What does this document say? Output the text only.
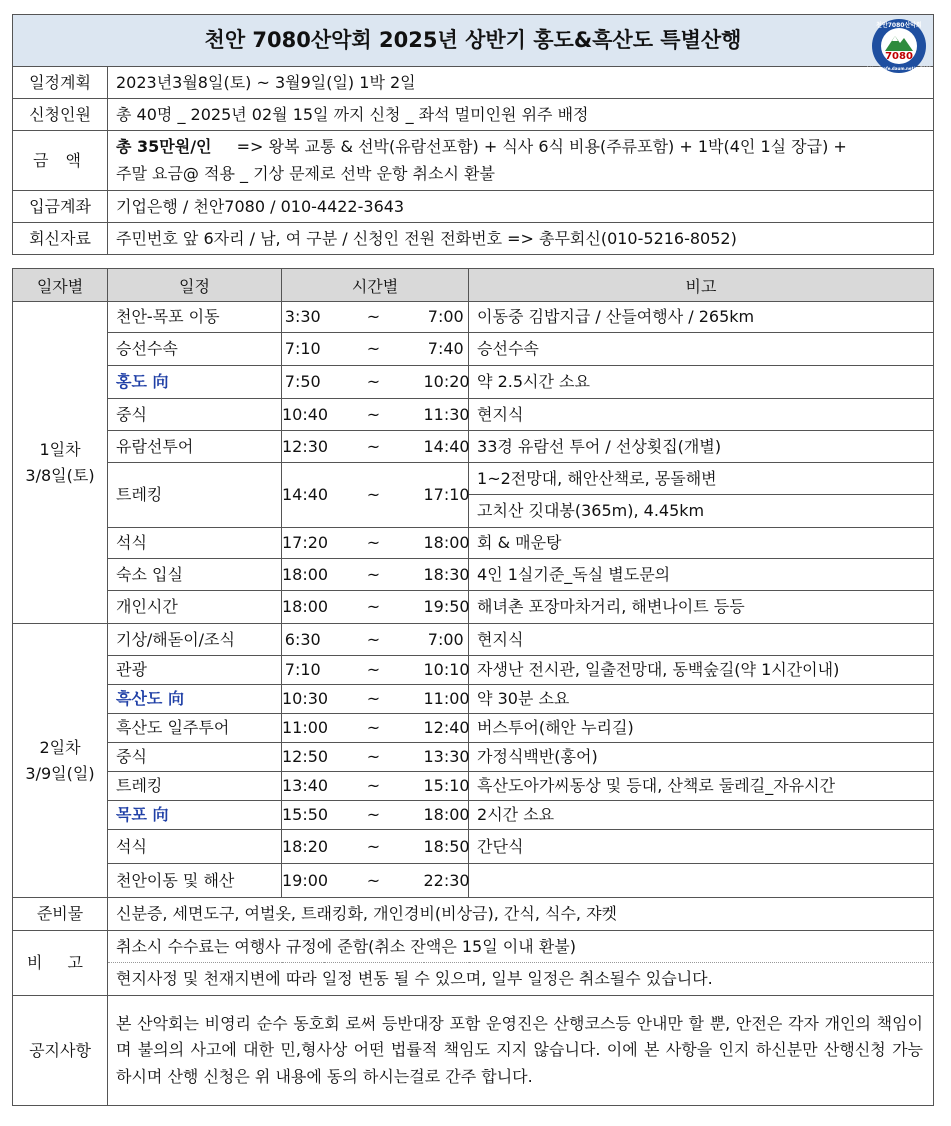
천안 7080산악회 2025년 상반기 홍도&흑산도 특별산행
천안7080산악회
7080
http://cafe.daum.net/ca7080	

일정계획	2023년3월8일(토) ~ 3월9일(일) 1박 2일
신청인원	총 40명 _ 2025년 02월 15일 까지 신청 _ 좌석 멀미인원 위주 배정
금 액	총 35만원/인 => 왕복 교통 & 선박(유람선포함) + 식사 6식 비용(주류포함) + 1박(4인 1실 장급) +
주말 요금@ 적용 _ 기상 문제로 선박 운항 취소시 환불
입금계좌	기업은행 / 천안7080 / 010-4422-3643
회신자료	주민번호 앞 6자리 / 남, 여 구분 / 신청인 전원 전화번호 => 총무회신(010-5216-8052)
일자별	일정	시간별			비고
1일차
3/8일(토)	천안-목포 이동	3:30	~	7:00	이동중 김밥지급 / 산들여행사 / 265km
	승선수속	7:10	~	7:40	승선수속
	홍도 向	7:50	~	10:20	약 2.5시간 소요
	중식	10:40	~	11:30	현지식
	유람선투어	12:30	~	14:40	33경 유람선 투어 / 선상횟집(개별)
	트레킹	14:40	~	17:10	1~2전망대, 해안산책로, 몽돌해변
					고치산 깃대봉(365m), 4.45km
	석식	17:20	~	18:00	회 & 매운탕
	숙소 입실	18:00	~	18:30	4인 1실기준_독실 별도문의
	개인시간	18:00	~	19:50	해녀촌 포장마차거리, 해변나이트 등등
2일차
3/9일(일)	기상/해돋이/조식	6:30	~	7:00	현지식
	관광	7:10	~	10:10	자생난 전시관, 일출전망대, 동백숲길(약 1시간이내)
	흑산도 向	10:30	~	11:00	약 30분 소요
	흑산도 일주투어	11:00	~	12:40	버스투어(해안 누리길)
	중식	12:50	~	13:30	가정식백반(홍어)
	트레킹	13:40	~	15:10	흑산도아가씨동상 및 등대, 산책로 둘레길_자유시간
	목포 向	15:50	~	18:00	2시간 소요
	석식	18:20	~	18:50	간단식
	천안이동 및 해산	19:00	~	22:30	
준비물	신분증, 세면도구, 여벌옷, 트래킹화, 개인경비(비상금), 간식, 식수, 쟈켓				
비 고	취소시 수수료는 여행사 규정에 준함(취소 잔액은 15일 이내 환불)				
	현지사정 및 천재지변에 따라 일정 변동 될 수 있으며, 일부 일정은 취소될수 있습니다.				
공지사항	본 산악회는 비영리 순수 동호회 로써 등반대장 포함 운영진은 산행코스등 안내만 할 뿐, 안전은 각자 개인의 책임이며 불의의 사고에 대한 민,형사상 어떤 법률적 책임도 지지 않습니다. 이에 본 사항을 인지 하신분만 산행신청 가능 하시며 산행 신청은 위 내용에 동의 하시는걸로 간주 합니다.				
